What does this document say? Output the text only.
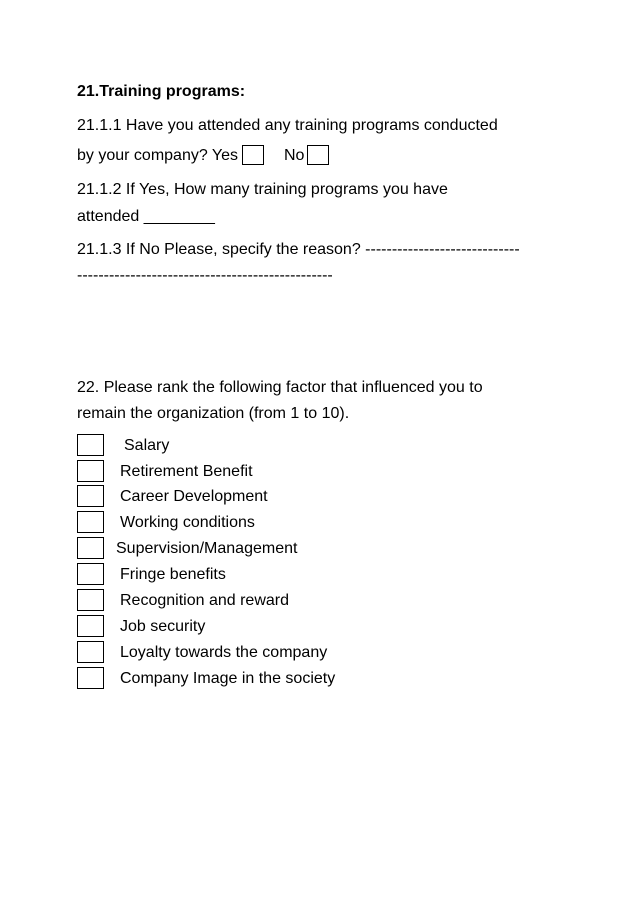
21.Training programs:
21.1.1 Have you attended any training programs conducted
by your company? Yes	No
21.1.2 If Yes, How many training programs you have
attended ________
21.1.3 If No Please, specify the reason? -----------------------------
------------------------------------------------
22. Please rank the following factor that influenced you to
remain the organization (from 1 to 10).
Salary
Retirement Benefit
Career Development
Working conditions
Supervision/Management
Fringe benefits
Recognition and reward
Job security
Loyalty towards the company
Company Image in the society
